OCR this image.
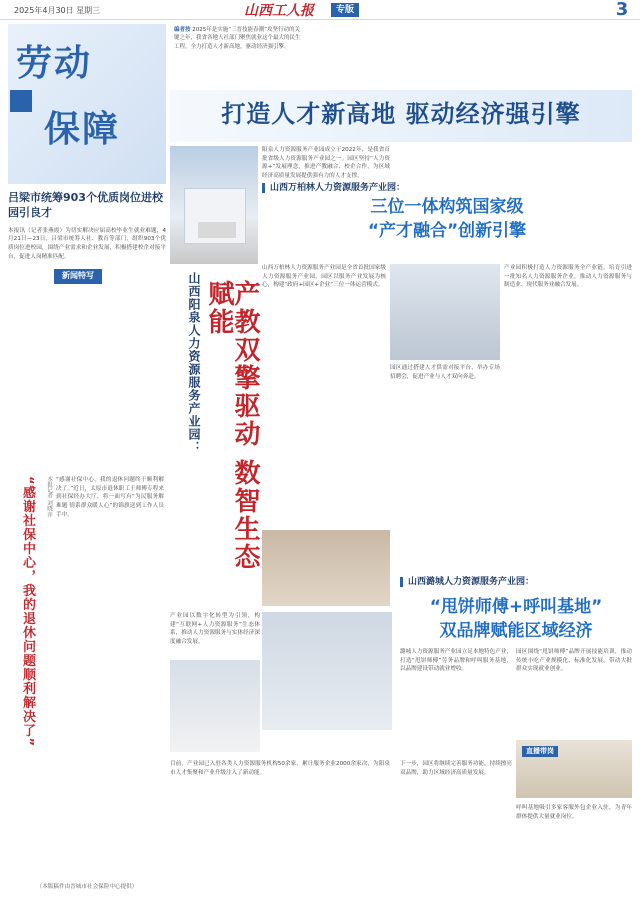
2025年4月30日 星期三	山西工人报	专版	3
劳动
保障
编者按 2025年是实施“三晋技能春潮”攻坚行动的关键之年，我省各地人社部门聚焦就业这个最大的民生工程，全力打造人才新高地，驱动经济强引擎。
打造人才新高地 驱动经济强引擎
吕梁市统筹903个优质岗位进校园引良才
本报讯（记者张燕霞）为切实解决应届高校毕业生就业难题，4月21日—23日，吕梁市统筹人社、教育等部门，组织903个优质岗位进校园，围绕产业需求和企业发展，积极搭建校企对接平台，促进人岗精准匹配。
新闻特写
“感谢社保中心，我的退休问题顺利解决了”	本报记者 刘晓萍 “感谢社保中心，我的退休问题终于顺利解决了。”近日，太原市退休职工王师傅专程来到社保经办大厅，将一面写有“为民服务解难题 情系群众暖人心”的锦旗送到工作人员手中。
（本版稿件由晋城市社会保险中心提供）
山西阳泉人力资源服务产业园：	产教双擎驱动 数智生态赋能
阳泉人力资源服务产业园成立于2022年，是我省首批省级人力资源服务产业园之一。园区坚持“人力资源+”发展理念，推进产教融合、校企合作，为区域经济高质量发展提供强有力的人才支撑。
产业园以数字化转型为引领，构建“互联网+人力资源服务”生态体系，推动人力资源服务与实体经济深度融合发展。
目前，产业园已入驻各类人力资源服务机构50余家，累计服务企业2000余家次，为阳泉市人才集聚和产业升级注入了新动能。
山西万柏林人力资源服务产业园：
三位一体构筑国家级
“产才融合”创新引擎
山西万柏林人力资源服务产业园是全省首批国家级人力资源服务产业园，园区以服务产业发展为核心，构建“政府+园区+企业”三位一体运营模式。
产业园积极打造人力资源服务全产业链，培育引进一批知名人力资源服务企业，推动人力资源服务与制造业、现代服务业融合发展。
园区通过搭建人才供需对接平台，举办专场招聘会，促进产业与人才双向奔赴。
山西潞城人力资源服务产业园：
“甩饼师傅+呼叫基地”
双品牌赋能区域经济
潞城人力资源服务产业园立足本地特色产业，打造“甩饼师傅”劳务品牌和呼叫服务基地，以品牌建设带动就业增收。
园区围绕“甩饼师傅”品牌开展技能培训，推动传统小吃产业规模化、标准化发展，带动大批群众实现就业创业。
直播带岗
呼叫基地吸引多家客服外包企业入驻，为青年群体提供大量就业岗位。
下一步，园区将继续完善服务功能，持续擦亮双品牌，助力区域经济高质量发展。
